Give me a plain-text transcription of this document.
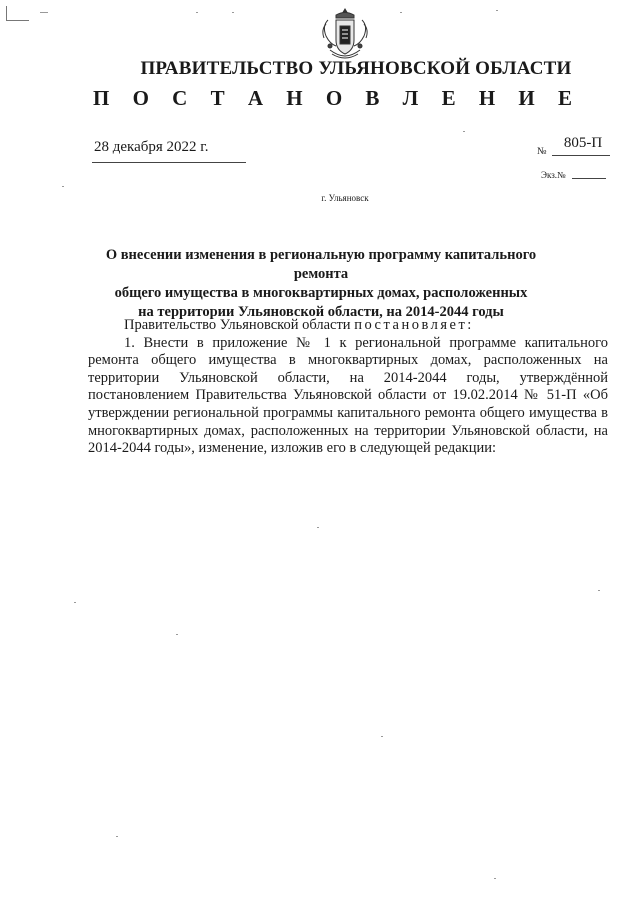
ПРАВИТЕЛЬСТВО УЛЬЯНОВСКОЙ ОБЛАСТИ
П О С Т А Н О В Л Е Н И Е
28 декабря 2022 г.	№
805-П
Экз.№
г. Ульяновск
О внесении изменения в региональную программу капитального ремонта
общего имущества в многоквартирных домах, расположенных
на территории Ульяновской области, на 2014-2044 годы

Правительство Ульяновской области постановляет:

1. Внести в приложение № 1 к региональной программе капитального ремонта общего имущества в многоквартирных домах, расположенных на территории Ульяновской области, на 2014-2044 годы, утверждённой постановлением Правительства Ульяновской области от 19.02.2014 № 51-П «Об утверждении региональной программы капитального ремонта общего имущества в многоквартирных домах, расположенных на территории Ульяновской области, на 2014-2044 годы», изменение, изложив его в следующей редакции:
